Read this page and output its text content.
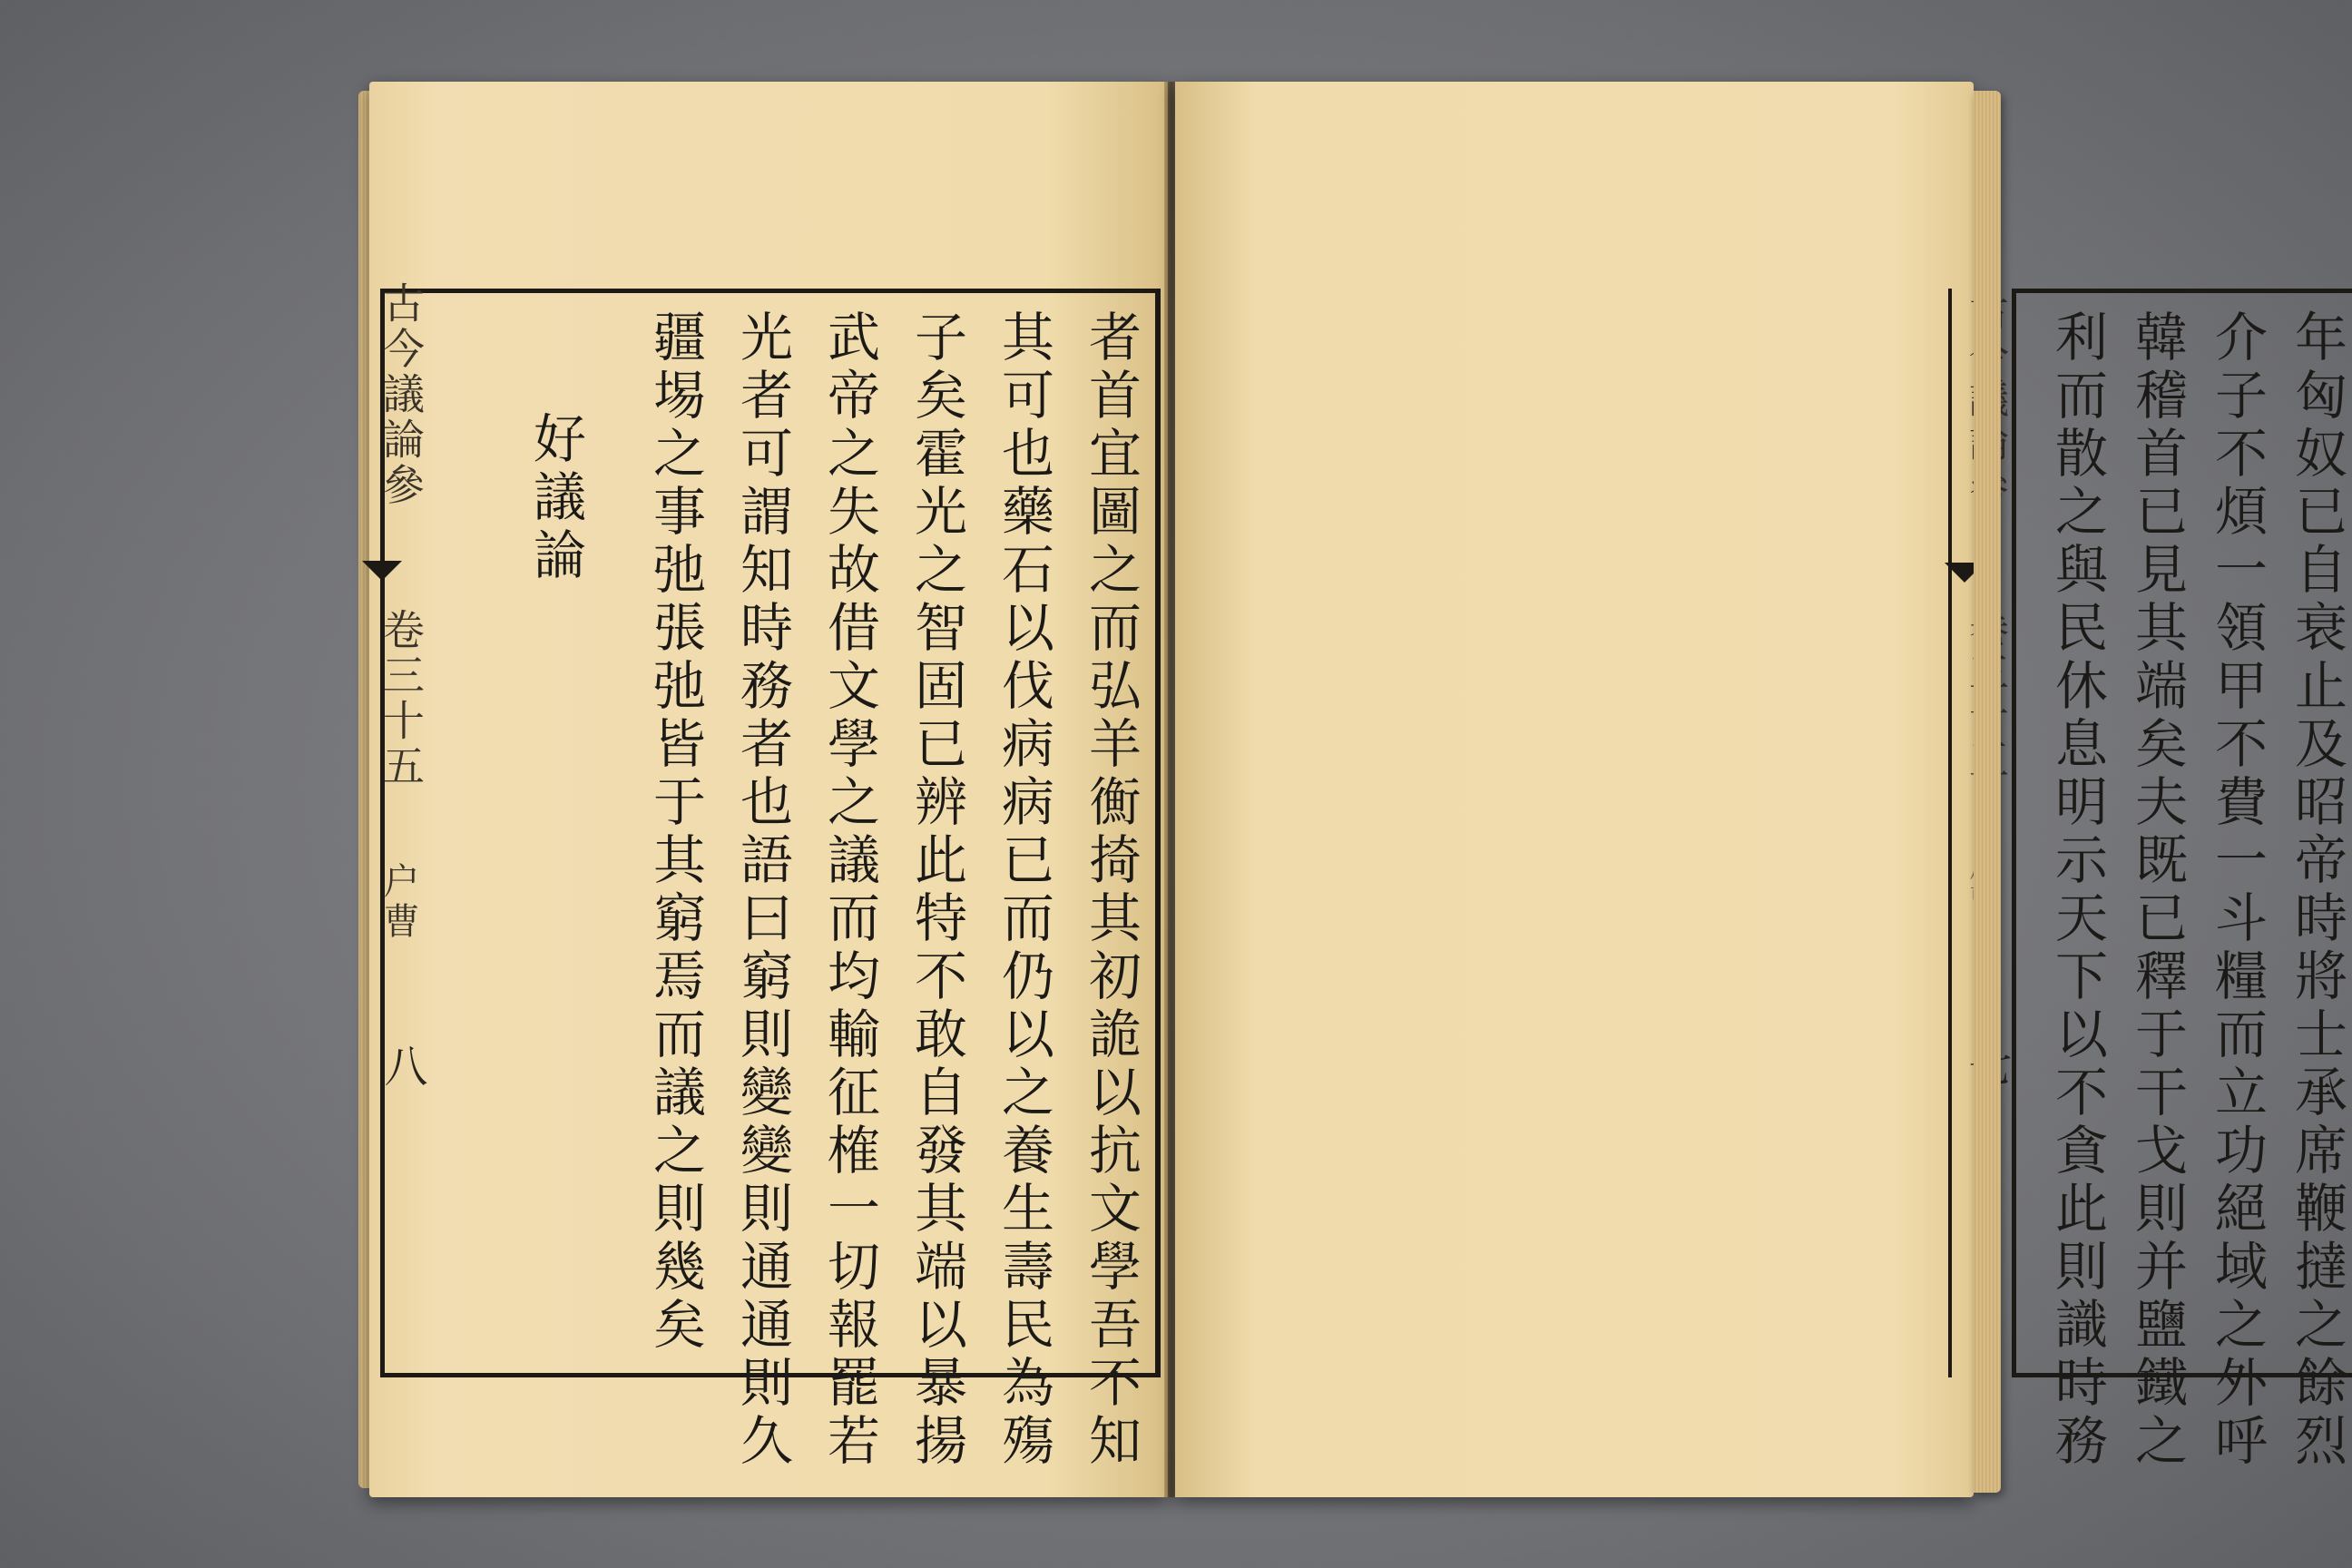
者首宜圖之而弘羊𢖍掎其初詭以抗文學吾不知
其可也藥石以伐病病已而仍以之養生壽民為殤
子矣霍光之智固已辨此特不敢自發其端以暴揚
武帝之失故借文學之議而均輸征榷一切報罷若
光者可謂知時務者也語曰窮則變變則通通則久
疆埸之事弛張弛皆于其窮焉而議之則幾矣
好議論
古今議論參
卷三十五
户曹
八	年匈奴已自衰止及昭帝時將士承席鞭撻之餘烈
介子不煩一領甲不費一斗糧而立功絕域之外呼
韓稽首已見其端矣夫既已釋于干戈則并鹽鐵之
利而散之與民休息明示天下以不貪此則識時務
